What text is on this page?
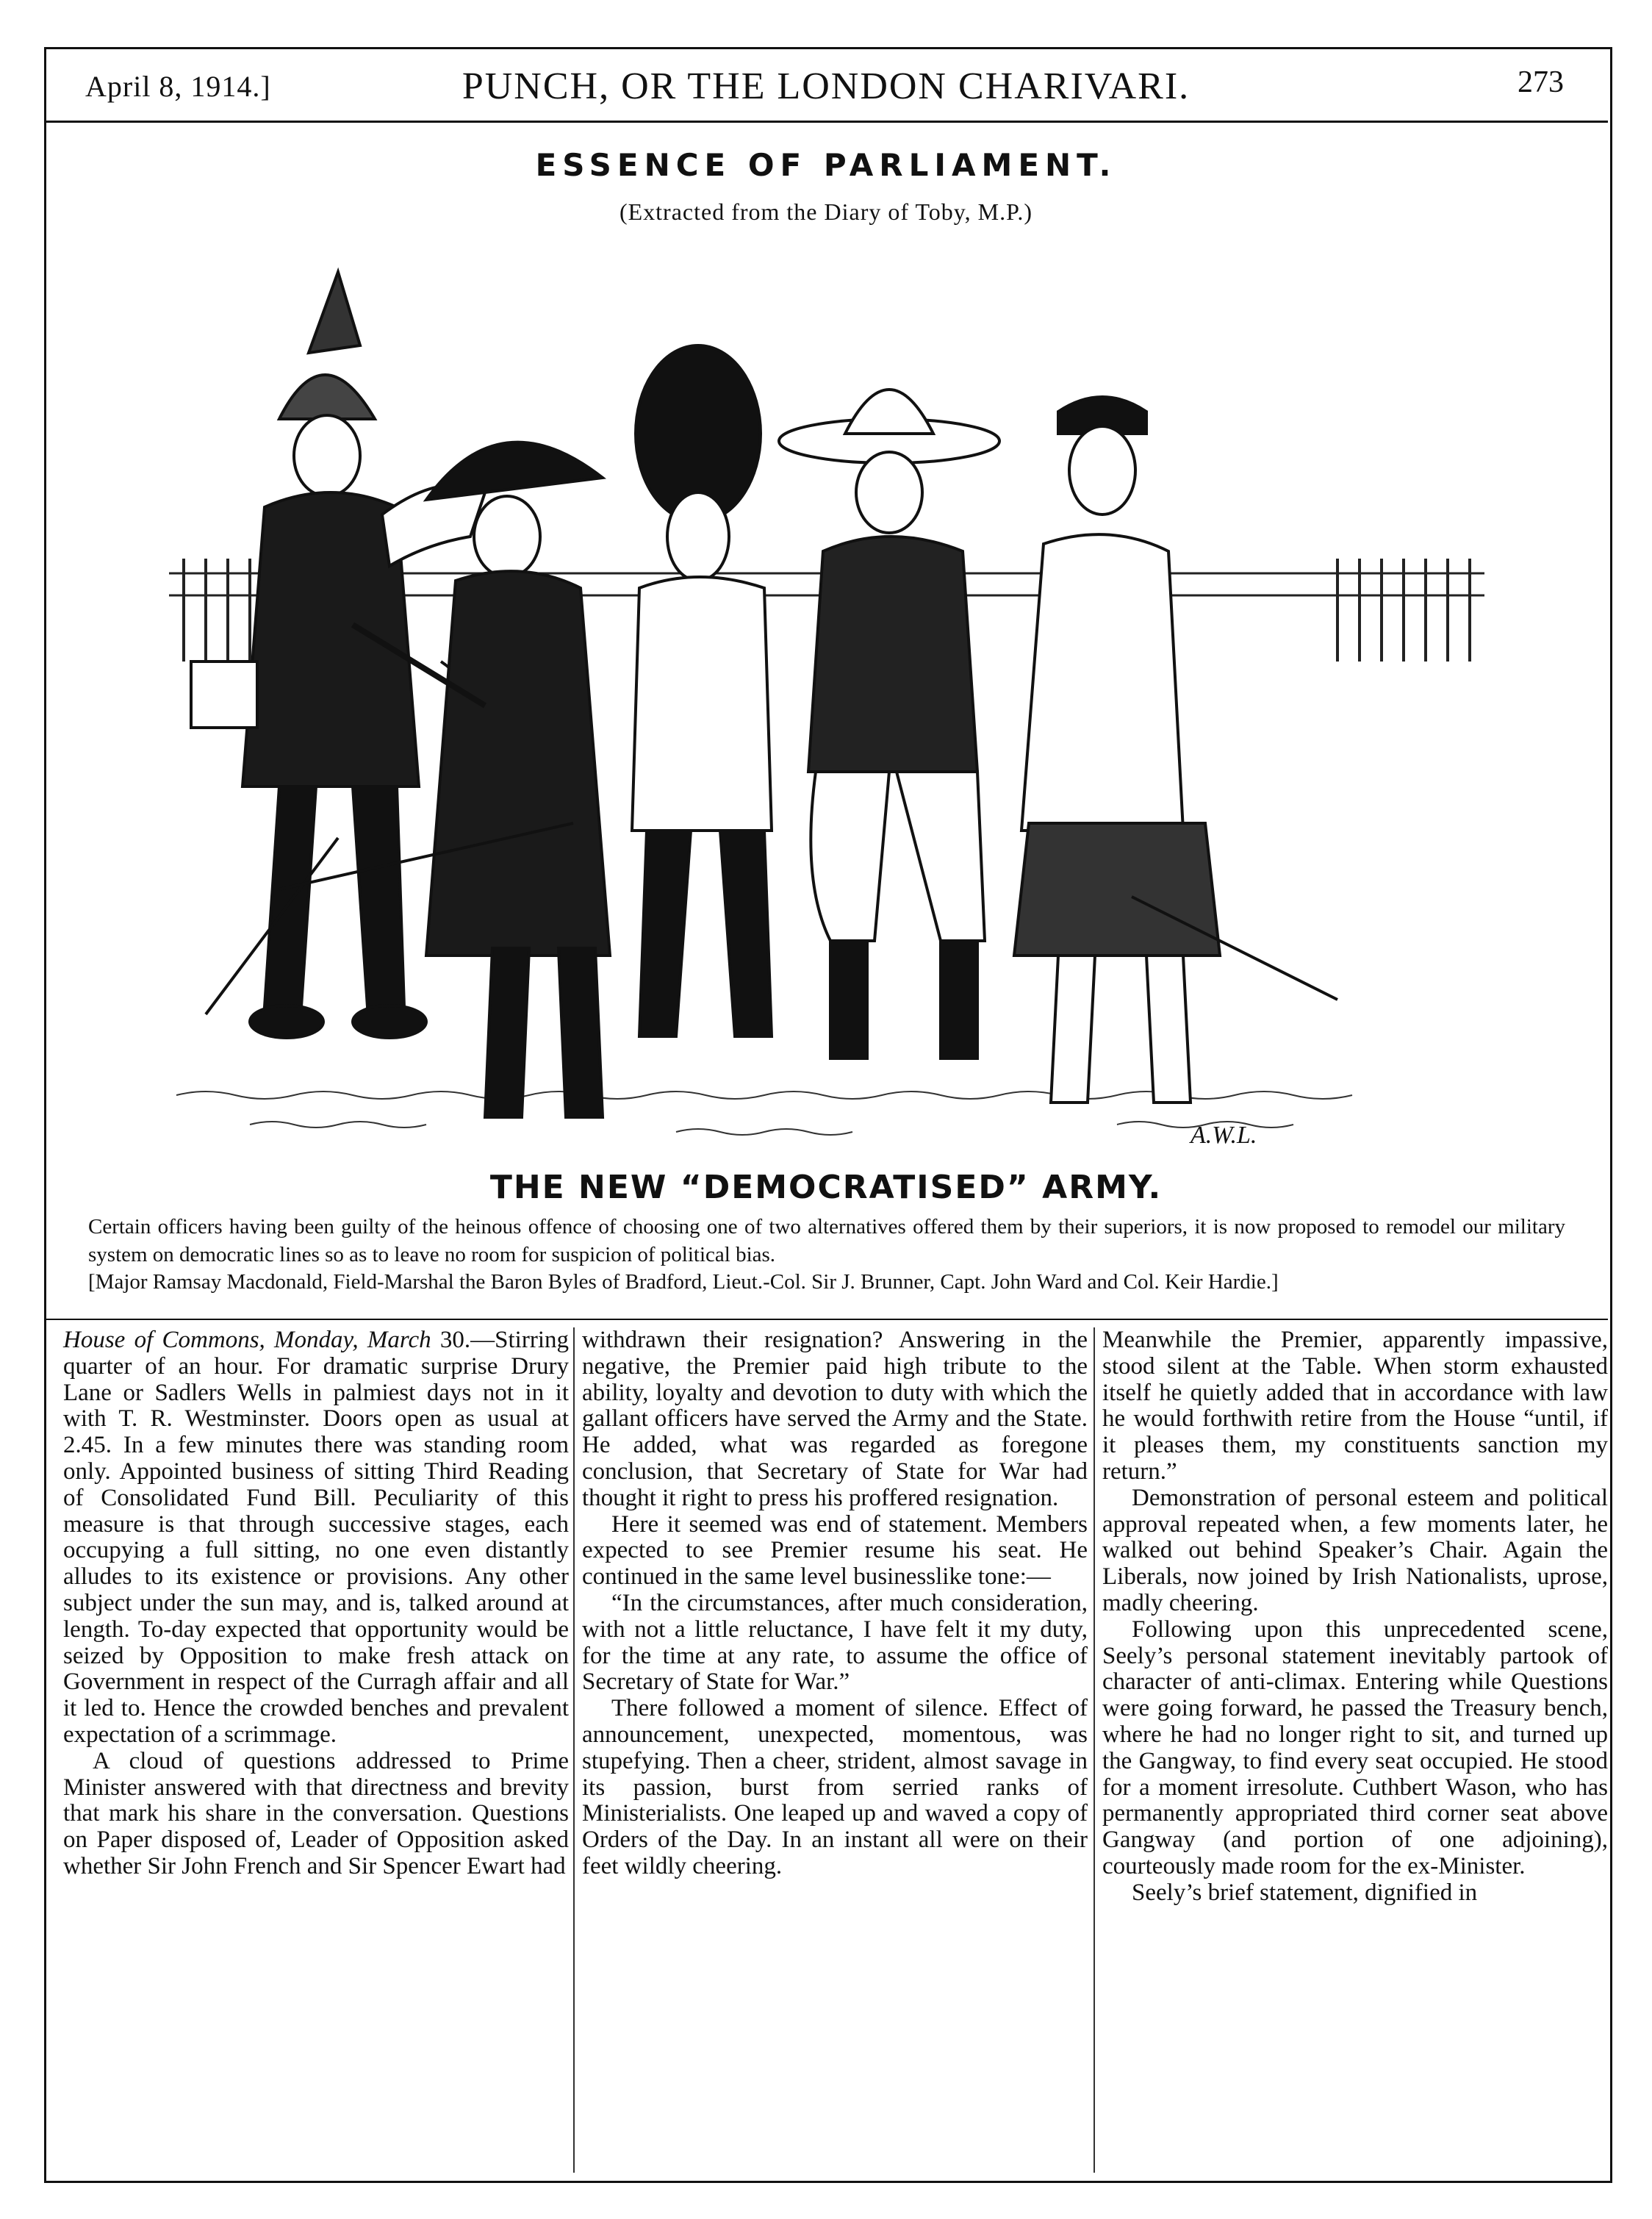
April 8, 1914.]	PUNCH, OR THE LONDON CHARIVARI.	273
ESSENCE OF PARLIAMENT.
(Extracted from the Diary of Toby, M.P.)
A.W.L.
THE NEW “DEMOCRATISED” ARMY.
Certain officers having been guilty of the heinous offence of choosing one of two alternatives offered them by their superiors, it is now proposed to remodel our military system on democratic lines so as to leave no room for suspicion of political bias.
[Major Ramsay Macdonald, Field-Marshal the Baron Byles of Bradford, Lieut.-Col. Sir J. Brunner, Capt. John Ward and Col. Keir Hardie.]

House of Commons, Monday, March 30.—Stirring quarter of an hour. For dramatic surprise Drury Lane or Sadlers Wells in palmiest days not in it with T. R. Westminster. Doors open as usual at 2.45. In a few minutes there was standing room only. Appointed business of sitting Third Reading of Consolidated Fund Bill. Peculiarity of this measure is that through successive stages, each occupying a full sitting, no one even distantly alludes to its existence or provisions. Any other subject under the sun may, and is, talked around at length. To-day expected that opportunity would be seized by Opposition to make fresh attack on Government in respect of the Curragh affair and all it led to. Hence the crowded benches and prevalent expectation of a scrimmage.

A cloud of questions addressed to Prime Minister answered with that directness and brevity that mark his share in the conversation. Questions on Paper disposed of, Leader of Opposition asked whether Sir John French and Sir Spencer Ewart had

withdrawn their resignation? Answering in the negative, the Premier paid high tribute to the ability, loyalty and devotion to duty with which the gallant officers have served the Army and the State. He added, what was regarded as foregone conclusion, that Secretary of State for War had thought it right to press his proffered resignation.

Here it seemed was end of statement. Members expected to see Premier resume his seat. He continued in the same level businesslike tone:—

“In the circumstances, after much consideration, with not a little reluctance, I have felt it my duty, for the time at any rate, to assume the office of Secretary of State for War.”

There followed a moment of silence. Effect of announcement, unexpected, momentous, was stupefying. Then a cheer, strident, almost savage in its passion, burst from serried ranks of Ministerialists. One leaped up and waved a copy of Orders of the Day. In an instant all were on their feet wildly cheering.

Meanwhile the Premier, apparently impassive, stood silent at the Table. When storm exhausted itself he quietly added that in accordance with law he would forthwith retire from the House “until, if it pleases them, my constituents sanction my return.”

Demonstration of personal esteem and political approval repeated when, a few moments later, he walked out behind Speaker’s Chair. Again the Liberals, now joined by Irish Nationalists, uprose, madly cheering.

Following upon this unprecedented scene, Seely’s personal statement inevitably partook of character of anti-climax. Entering while Questions were going forward, he passed the Treasury bench, where he had no longer right to sit, and turned up the Gangway, to find every seat occupied. He stood for a moment irresolute. Cuthbert Wason, who has permanently appropriated third corner seat above Gangway (and portion of one adjoining), courteously made room for the ex-Minister.

Seely’s brief statement, dignified in
